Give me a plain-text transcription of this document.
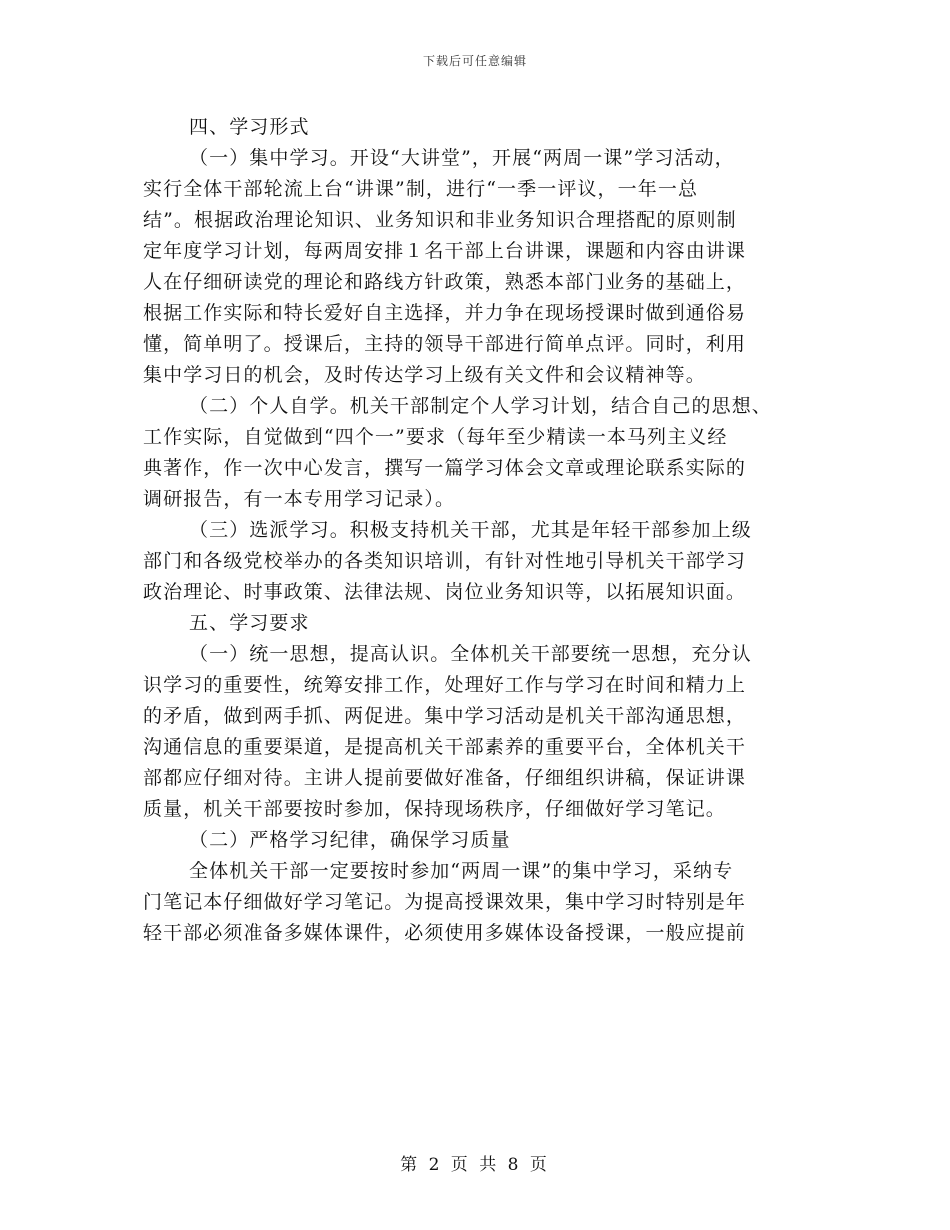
下载后可任意编辑
四、学习形式
（一）集中学习。开设“大讲堂”，开展“两周一课”学习活动，
实行全体干部轮流上台“讲课”制，进行“一季一评议，一年一总
结”。根据政治理论知识、业务知识和非业务知识合理搭配的原则制
定年度学习计划，每两周安排１名干部上台讲课，课题和内容由讲课
人在仔细研读党的理论和路线方针政策，熟悉本部门业务的基础上，
根据工作实际和特长爱好自主选择，并力争在现场授课时做到通俗易
懂，简单明了。授课后，主持的领导干部进行简单点评。同时，利用
集中学习日的机会，及时传达学习上级有关文件和会议精神等。
（二）个人自学。机关干部制定个人学习计划，结合自己的思想、
工作实际，自觉做到“四个一”要求（每年至少精读一本马列主义经
典著作，作一次中心发言，撰写一篇学习体会文章或理论联系实际的
调研报告，有一本专用学习记录）。
（三）选派学习。积极支持机关干部，尤其是年轻干部参加上级
部门和各级党校举办的各类知识培训，有针对性地引导机关干部学习
政治理论、时事政策、法律法规、岗位业务知识等，以拓展知识面。
五、学习要求
（一）统一思想，提高认识。全体机关干部要统一思想，充分认
识学习的重要性，统筹安排工作，处理好工作与学习在时间和精力上
的矛盾，做到两手抓、两促进。集中学习活动是机关干部沟通思想，
沟通信息的重要渠道，是提高机关干部素养的重要平台，全体机关干
部都应仔细对待。主讲人提前要做好准备，仔细组织讲稿，保证讲课
质量，机关干部要按时参加，保持现场秩序，仔细做好学习笔记。
（二）严格学习纪律，确保学习质量
全体机关干部一定要按时参加“两周一课”的集中学习，采纳专
门笔记本仔细做好学习笔记。为提高授课效果，集中学习时特别是年
轻干部必须准备多媒体课件，必须使用多媒体设备授课，一般应提前
第 2 页 共 8 页
